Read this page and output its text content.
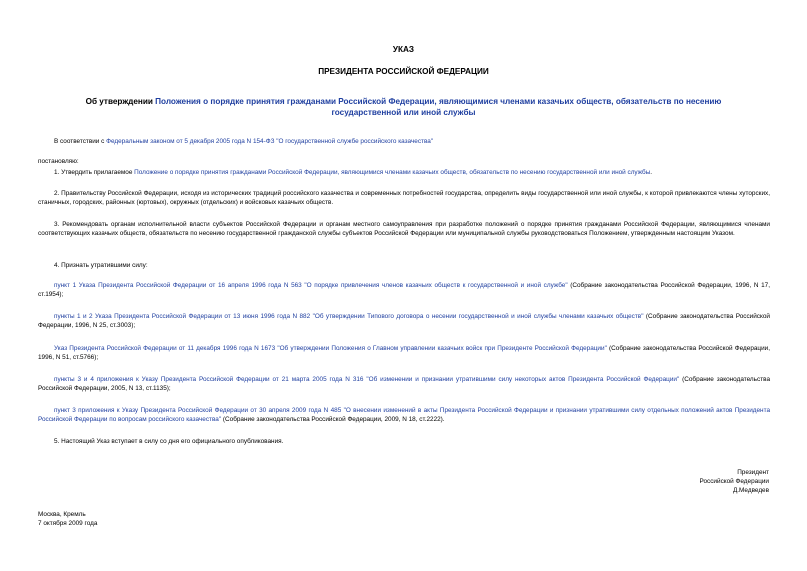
УКАЗ
ПРЕЗИДЕНТА РОССИЙСКОЙ ФЕДЕРАЦИИ
Об утверждении Положения о порядке принятия гражданами Российской Федерации, являющимися членами казачьих обществ, обязательств по несению государственной или иной службы
В соответствии с Федеральным законом от 5 декабря 2005 года N 154-ФЗ "О государственной службе российского казачества"
постановляю:
1. Утвердить прилагаемое Положение о порядке принятия гражданами Российской Федерации, являющимися членами казачьих обществ, обязательств по несению государственной или иной службы.
2. Правительству Российской Федерации, исходя из исторических традиций российского казачества и современных потребностей государства, определить виды государственной или иной службы, к которой привлекаются члены хуторских, станичных, городских, районных (юртовых), окружных (отдельских) и войсковых казачьих обществ.
3. Рекомендовать органам исполнительной власти субъектов Российской Федерации и органам местного самоуправления при разработке положений о порядке принятия гражданами Российской Федерации, являющимися членами соответствующих казачьих обществ, обязательств по несению государственной гражданской службы субъектов Российской Федерации или муниципальной службы руководствоваться Положением, утвержденным настоящим Указом.
4. Признать утратившими силу:
пункт 1 Указа Президента Российской Федерации от 16 апреля 1996 года N 563 "О порядке привлечения членов казачьих обществ к государственной и иной службе" (Собрание законодательства Российской Федерации, 1996, N 17, ст.1954);
пункты 1 и 2 Указа Президента Российской Федерации от 13 июня 1996 года N 882 "Об утверждении Типового договора о несении государственной и иной службы членами казачьих обществ" (Собрание законодательства Российской Федерации, 1996, N 25, ст.3003);
Указ Президента Российской Федерации от 11 декабря 1996 года N 1673 "Об утверждении Положения о Главном управлении казачьих войск при Президенте Российской Федерации" (Собрание законодательства Российской Федерации, 1996, N 51, ст.5766);
пункты 3 и 4 приложения к Указу Президента Российской Федерации от 21 марта 2005 года N 316 "Об изменении и признании утратившими силу некоторых актов Президента Российской Федерации" (Собрание законодательства Российской Федерации, 2005, N 13, ст.1135);
пункт 3 приложения к Указу Президента Российской Федерации от 30 апреля 2009 года N 485 "О внесении изменений в акты Президента Российской Федерации и признании утратившими силу отдельных положений актов Президента Российской Федерации по вопросам российского казачества" (Собрание законодательства Российской Федерации, 2009, N 18, ст.2222).
5. Настоящий Указ вступает в силу со дня его официального опубликования.
Президент
Российской Федерации
Д.Медведев
Москва, Кремль
7 октября 2009 года
